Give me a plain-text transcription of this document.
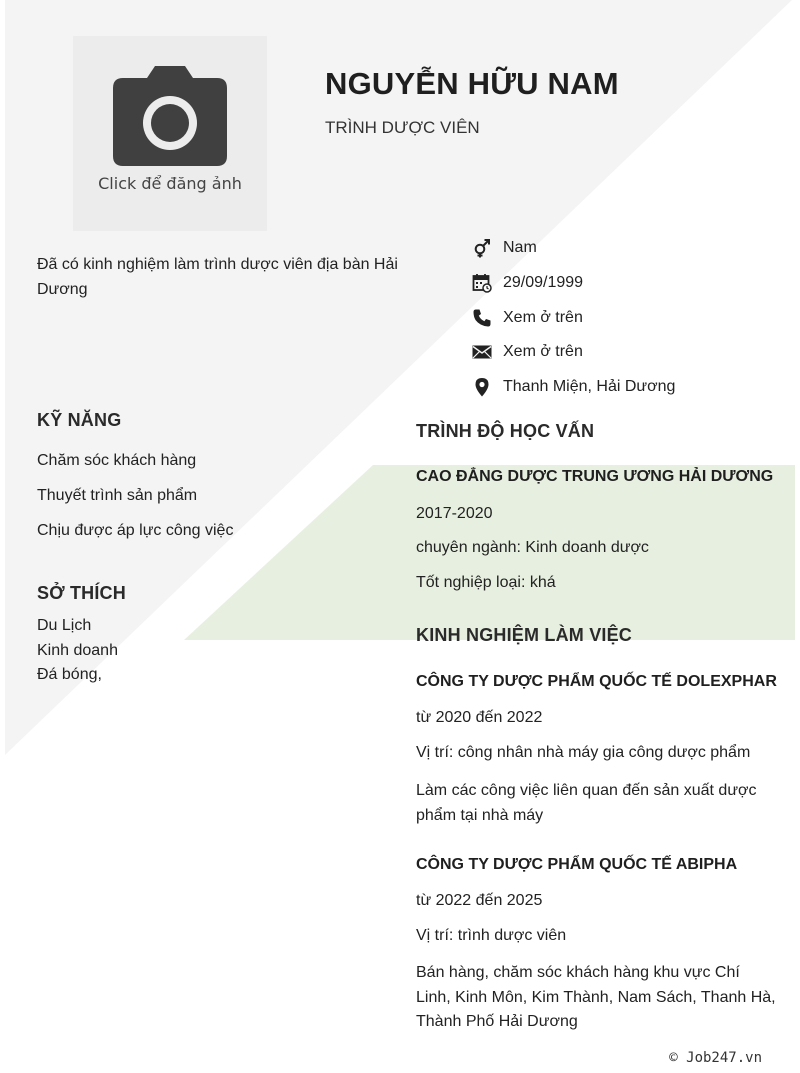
Click để đăng ảnh
NGUYỄN HỮU NAM
TRÌNH DƯỢC VIÊN
Đã có kinh nghiệm làm trình dược viên địa bàn Hải Dương
Nam
29/09/1999
Xem ở trên
Xem ở trên
Thanh Miện, Hải Dương
KỸ NĂNG
Chăm sóc khách hàng
Thuyết trình sản phẩm
Chịu được áp lực công việc
SỞ THÍCH
Du Lịch
Kinh doanh
Đá bóng,
TRÌNH ĐỘ HỌC VẤN
CAO ĐẲNG DƯỢC TRUNG ƯƠNG HẢI DƯƠNG
2017-2020
chuyên ngành: Kinh doanh dược
Tốt nghiệp loại: khá
KINH NGHIỆM LÀM VIỆC
CÔNG TY DƯỢC PHẨM QUỐC TẾ DOLEXPHAR
từ 2020 đến 2022
Vị trí: công nhân nhà máy gia công dược phẩm
Làm các công việc liên quan đến sản xuất dược phẩm tại nhà máy
CÔNG TY DƯỢC PHẨM QUỐC TẾ ABIPHA
từ 2022 đến 2025
Vị trí: trình dược viên
Bán hàng, chăm sóc khách hàng khu vực Chí Linh, Kinh Môn, Kim Thành, Nam Sách, Thanh Hà, Thành Phố Hải Dương
© Job247.vn
